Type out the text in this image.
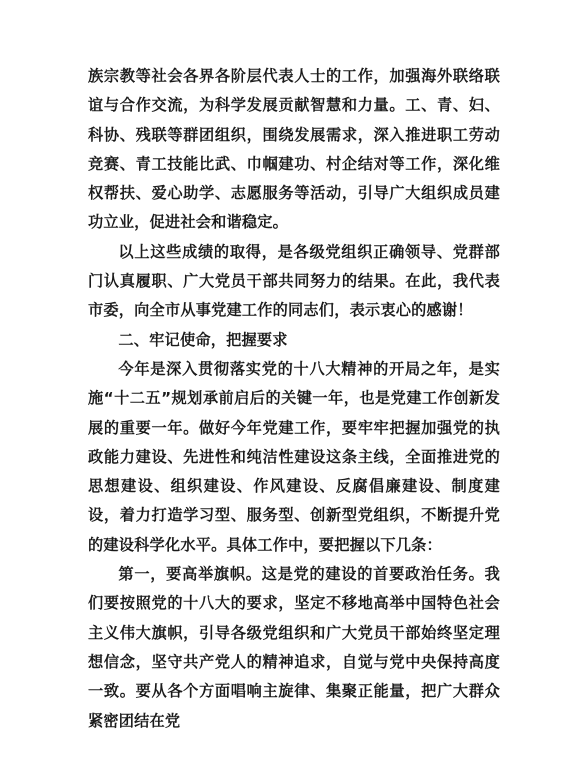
族宗教等社会各界各阶层代表人士的工作，加强海外联络联谊与合作交流，为科学发展贡献智慧和力量。工、青、妇、科协、残联等群团组织，围绕发展需求，深入推进职工劳动竞赛、青工技能比武、巾帼建功、村企结对等工作，深化维权帮扶、爱心助学、志愿服务等活动，引导广大组织成员建功立业，促进社会和谐稳定。

以上这些成绩的取得，是各级党组织正确领导、党群部门认真履职、广大党员干部共同努力的结果。在此，我代表市委，向全市从事党建工作的同志们，表示衷心的感谢！

二、牢记使命，把握要求

今年是深入贯彻落实党的十八大精神的开局之年，是实施“十二五”规划承前启后的关键一年，也是党建工作创新发展的重要一年。做好今年党建工作，要牢牢把握加强党的执政能力建设、先进性和纯洁性建设这条主线，全面推进党的思想建设、组织建设、作风建设、反腐倡廉建设、制度建设，着力打造学习型、服务型、创新型党组织，不断提升党的建设科学化水平。具体工作中，要把握以下几条：

第一，要高举旗帜。这是党的建设的首要政治任务。我们要按照党的十八大的要求，坚定不移地高举中国特色社会主义伟大旗帜，引导各级党组织和广大党员干部始终坚定理想信念，坚守共产党人的精神追求，自觉与党中央保持高度一致。要从各个方面唱响主旋律、集聚正能量，把广大群众紧密团结在党
